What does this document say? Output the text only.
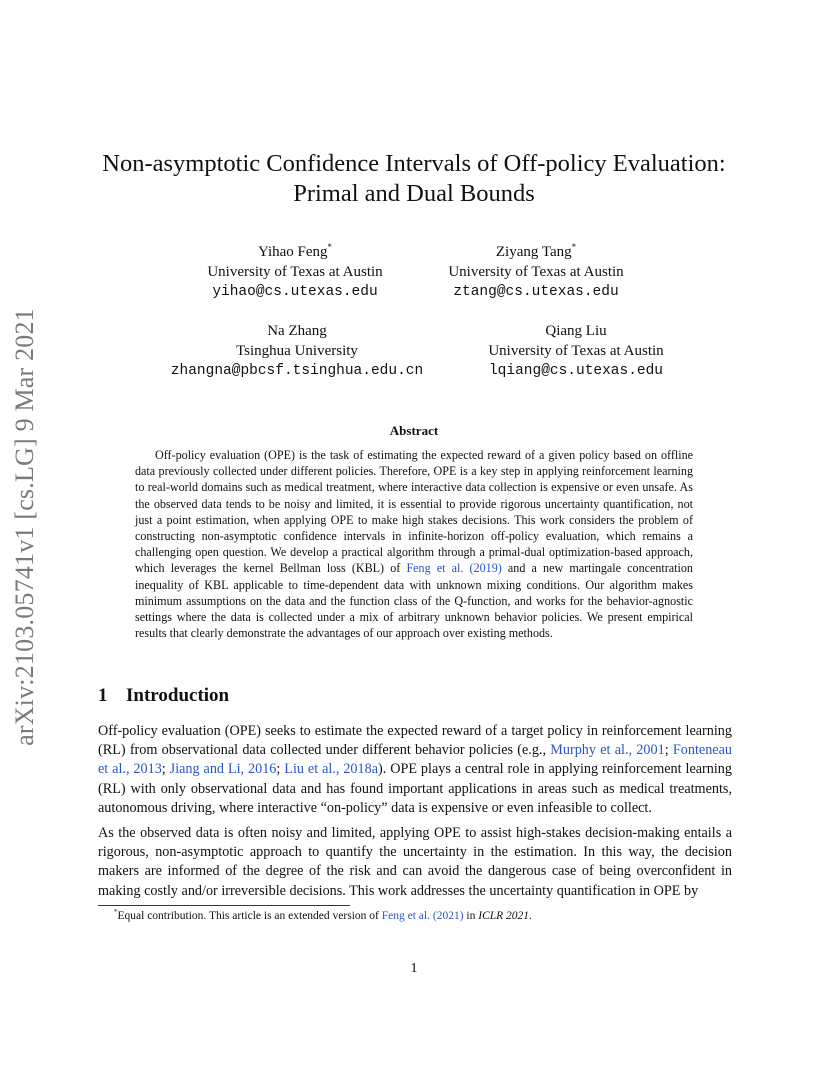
arXiv:2103.05741v1 [cs.LG] 9 Mar 2021
Non-asymptotic Confidence Intervals of Off-policy Evaluation:
Primal and Dual Bounds
Yihao Feng*
University of Texas at Austin
yihao@cs.utexas.edu
Ziyang Tang*
University of Texas at Austin
ztang@cs.utexas.edu
Na Zhang
Tsinghua University
zhangna@pbcsf.tsinghua.edu.cn
Qiang Liu
University of Texas at Austin
lqiang@cs.utexas.edu
Abstract

Off-policy evaluation (OPE) is the task of estimating the expected reward of a given policy based on offline data previously collected under different policies. Therefore, OPE is a key step in applying reinforcement learning to real-world domains such as medical treatment, where interactive data collection is expensive or even unsafe. As the observed data tends to be noisy and limited, it is essential to provide rigorous uncertainty quantification, not just a point estimation, when applying OPE to make high stakes decisions. This work considers the problem of constructing non-asymptotic confidence intervals in infinite-horizon off-policy evaluation, which remains a challenging open question. We develop a practical algorithm through a primal-dual optimization-based approach, which leverages the kernel Bellman loss (KBL) of Feng et al. (2019) and a new martingale concentration inequality of KBL applicable to time-dependent data with unknown mixing conditions. Our algorithm makes minimum assumptions on the data and the function class of the Q-function, and works for the behavior-agnostic settings where the data is collected under a mix of arbitrary unknown behavior policies. We present empirical results that clearly demonstrate the advantages of our approach over existing methods.

1 Introduction

Off-policy evaluation (OPE) seeks to estimate the expected reward of a target policy in reinforcement learning (RL) from observational data collected under different behavior policies (e.g., Murphy et al., 2001; Fonteneau et al., 2013; Jiang and Li, 2016; Liu et al., 2018a). OPE plays a central role in applying reinforcement learning (RL) with only observational data and has found important applications in areas such as medical treatments, autonomous driving, where interactive “on-policy” data is expensive or even infeasible to collect.

As the observed data is often noisy and limited, applying OPE to assist high-stakes decision-making entails a rigorous, non-asymptotic approach to quantify the uncertainty in the estimation. In this way, the decision makers are informed of the degree of the risk and can avoid the dangerous case of being overconfident in making costly and/or irreversible decisions. This work addresses the uncertainty quantification in OPE by

*Equal contribution. This article is an extended version of Feng et al. (2021) in ICLR 2021.

1
